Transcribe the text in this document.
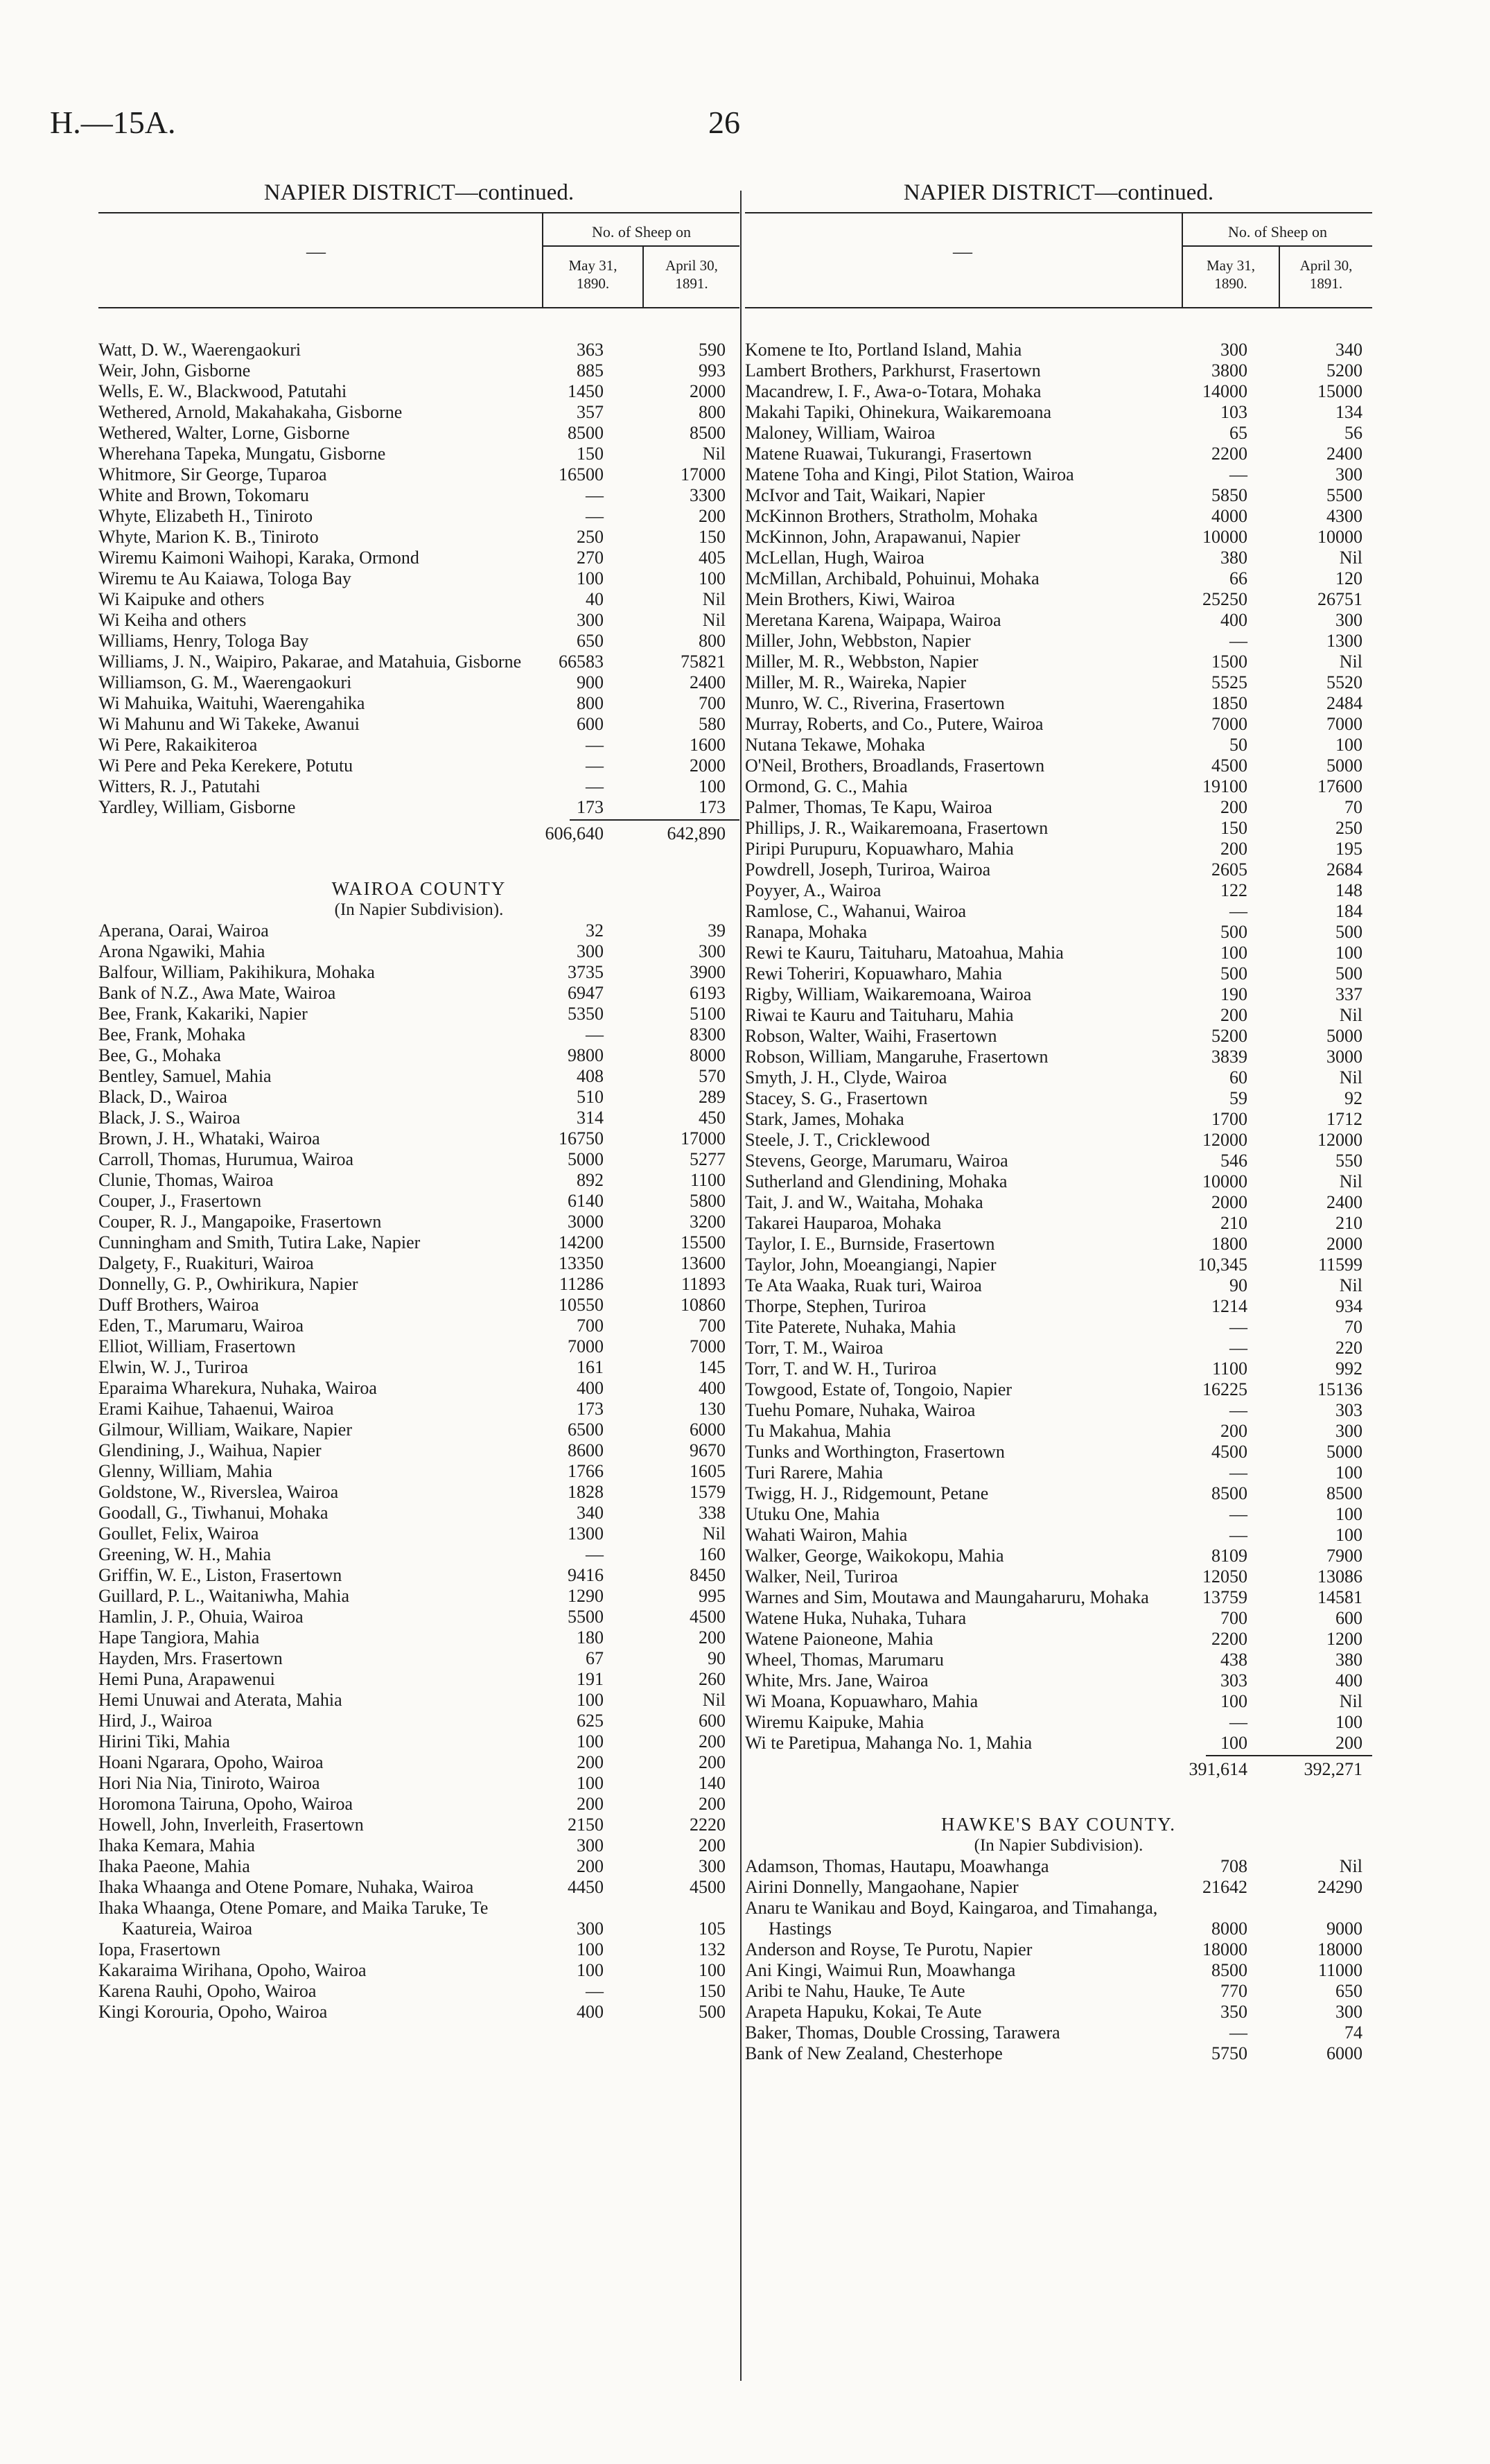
H.—15A.	26
NAPIER DISTRICT—continued.
—
No. of Sheep on
May 31,
1890.
April 30,
1891.
Watt, D. W., Waerengaokuri	363	590
Weir, John, Gisborne	885	993
Wells, E. W., Blackwood, Patutahi	1450	2000
Wethered, Arnold, Makahakaha, Gisborne	357	800
Wethered, Walter, Lorne, Gisborne	8500	8500
Wherehana Tapeka, Mungatu, Gisborne	150	Nil
Whitmore, Sir George, Tuparoa	16500	17000
White and Brown, Tokomaru	—	3300
Whyte, Elizabeth H., Tiniroto	—	200
Whyte, Marion K. B., Tiniroto	250	150
Wiremu Kaimoni Waihopi, Karaka, Ormond	270	405
Wiremu te Au Kaiawa, Tologa Bay	100	100
Wi Kaipuke and others	40	Nil
Wi Keiha and others	300	Nil
Williams, Henry, Tologa Bay	650	800
Williams, J. N., Waipiro, Pakarae, and Matahuia, Gisborne	66583	75821
Williamson, G. M., Waerengaokuri	900	2400
Wi Mahuika, Waituhi, Waerengahika	800	700
Wi Mahunu and Wi Takeke, Awanui	600	580
Wi Pere, Rakaikiteroa	—	1600
Wi Pere and Peka Kerekere, Potutu	—	2000
Witters, R. J., Patutahi	—	100
Yardley, William, Gisborne	173	173
606,640	642,890
WAIROA COUNTY
(In Napier Subdivision).
Aperana, Oarai, Wairoa	32	39
Arona Ngawiki, Mahia	300	300
Balfour, William, Pakihikura, Mohaka	3735	3900
Bank of N.Z., Awa Mate, Wairoa	6947	6193
Bee, Frank, Kakariki, Napier	5350	5100
Bee, Frank, Mohaka	—	8300
Bee, G., Mohaka	9800	8000
Bentley, Samuel, Mahia	408	570
Black, D., Wairoa	510	289
Black, J. S., Wairoa	314	450
Brown, J. H., Whataki, Wairoa	16750	17000
Carroll, Thomas, Hurumua, Wairoa	5000	5277
Clunie, Thomas, Wairoa	892	1100
Couper, J., Frasertown	6140	5800
Couper, R. J., Mangapoike, Frasertown	3000	3200
Cunningham and Smith, Tutira Lake, Napier	14200	15500
Dalgety, F., Ruakituri, Wairoa	13350	13600
Donnelly, G. P., Owhirikura, Napier	11286	11893
Duff Brothers, Wairoa	10550	10860
Eden, T., Marumaru, Wairoa	700	700
Elliot, William, Frasertown	7000	7000
Elwin, W. J., Turiroa	161	145
Eparaima Wharekura, Nuhaka, Wairoa	400	400
Erami Kaihue, Tahaenui, Wairoa	173	130
Gilmour, William, Waikare, Napier	6500	6000
Glendining, J., Waihua, Napier	8600	9670
Glenny, William, Mahia	1766	1605
Goldstone, W., Riverslea, Wairoa	1828	1579
Goodall, G., Tiwhanui, Mohaka	340	338
Goullet, Felix, Wairoa	1300	Nil
Greening, W. H., Mahia	—	160
Griffin, W. E., Liston, Frasertown	9416	8450
Guillard, P. L., Waitaniwha, Mahia	1290	995
Hamlin, J. P., Ohuia, Wairoa	5500	4500
Hape Tangiora, Mahia	180	200
Hayden, Mrs. Frasertown	67	90
Hemi Puna, Arapawenui	191	260
Hemi Unuwai and Aterata, Mahia	100	Nil
Hird, J., Wairoa	625	600
Hirini Tiki, Mahia	100	200
Hoani Ngarara, Opoho, Wairoa	200	200
Hori Nia Nia, Tiniroto, Wairoa	100	140
Horomona Tairuna, Opoho, Wairoa	200	200
Howell, John, Inverleith, Frasertown	2150	2220
Ihaka Kemara, Mahia	300	200
Ihaka Paeone, Mahia	200	300
Ihaka Whaanga and Otene Pomare, Nuhaka, Wairoa	4450	4500
Ihaka Whaanga, Otene Pomare, and Maika Taruke, Te Kaatureia, Wairoa	300	105
Iopa, Frasertown	100	132
Kakaraima Wirihana, Opoho, Wairoa	100	100
Karena Rauhi, Opoho, Wairoa	—	150
Kingi Korouria, Opoho, Wairoa	400	500
NAPIER DISTRICT—continued.
—
No. of Sheep on
May 31,
1890.
April 30,
1891.
Komene te Ito, Portland Island, Mahia	300	340
Lambert Brothers, Parkhurst, Frasertown	3800	5200
Macandrew, I. F., Awa-o-Totara, Mohaka	14000	15000
Makahi Tapiki, Ohinekura, Waikaremoana	103	134
Maloney, William, Wairoa	65	56
Matene Ruawai, Tukurangi, Frasertown	2200	2400
Matene Toha and Kingi, Pilot Station, Wairoa	—	300
McIvor and Tait, Waikari, Napier	5850	5500
McKinnon Brothers, Stratholm, Mohaka	4000	4300
McKinnon, John, Arapawanui, Napier	10000	10000
McLellan, Hugh, Wairoa	380	Nil
McMillan, Archibald, Pohuinui, Mohaka	66	120
Mein Brothers, Kiwi, Wairoa	25250	26751
Meretana Karena, Waipapa, Wairoa	400	300
Miller, John, Webbston, Napier	—	1300
Miller, M. R., Webbston, Napier	1500	Nil
Miller, M. R., Waireka, Napier	5525	5520
Munro, W. C., Riverina, Frasertown	1850	2484
Murray, Roberts, and Co., Putere, Wairoa	7000	7000
Nutana Tekawe, Mohaka	50	100
O'Neil, Brothers, Broadlands, Frasertown	4500	5000
Ormond, G. C., Mahia	19100	17600
Palmer, Thomas, Te Kapu, Wairoa	200	70
Phillips, J. R., Waikaremoana, Frasertown	150	250
Piripi Purupuru, Kopuawharo, Mahia	200	195
Powdrell, Joseph, Turiroa, Wairoa	2605	2684
Poyyer, A., Wairoa	122	148
Ramlose, C., Wahanui, Wairoa	—	184
Ranapa, Mohaka	500	500
Rewi te Kauru, Taituharu, Matoahua, Mahia	100	100
Rewi Toheriri, Kopuawharo, Mahia	500	500
Rigby, William, Waikaremoana, Wairoa	190	337
Riwai te Kauru and Taituharu, Mahia	200	Nil
Robson, Walter, Waihi, Frasertown	5200	5000
Robson, William, Mangaruhe, Frasertown	3839	3000
Smyth, J. H., Clyde, Wairoa	60	Nil
Stacey, S. G., Frasertown	59	92
Stark, James, Mohaka	1700	1712
Steele, J. T., Cricklewood	12000	12000
Stevens, George, Marumaru, Wairoa	546	550
Sutherland and Glendining, Mohaka	10000	Nil
Tait, J. and W., Waitaha, Mohaka	2000	2400
Takarei Hauparoa, Mohaka	210	210
Taylor, I. E., Burnside, Frasertown	1800	2000
Taylor, John, Moeangiangi, Napier	10,345	11599
Te Ata Waaka, Ruak turi, Wairoa	90	Nil
Thorpe, Stephen, Turiroa	1214	934
Tite Paterete, Nuhaka, Mahia	—	70
Torr, T. M., Wairoa	—	220
Torr, T. and W. H., Turiroa	1100	992
Towgood, Estate of, Tongoio, Napier	16225	15136
Tuehu Pomare, Nuhaka, Wairoa	—	303
Tu Makahua, Mahia	200	300
Tunks and Worthington, Frasertown	4500	5000
Turi Rarere, Mahia	—	100
Twigg, H. J., Ridgemount, Petane	8500	8500
Utuku One, Mahia	—	100
Wahati Wairon, Mahia	—	100
Walker, George, Waikokopu, Mahia	8109	7900
Walker, Neil, Turiroa	12050	13086
Warnes and Sim, Moutawa and Maungaharuru, Mohaka	13759	14581
Watene Huka, Nuhaka, Tuhara	700	600
Watene Paioneone, Mahia	2200	1200
Wheel, Thomas, Marumaru	438	380
White, Mrs. Jane, Wairoa	303	400
Wi Moana, Kopuawharo, Mahia	100	Nil
Wiremu Kaipuke, Mahia	—	100
Wi te Paretipua, Mahanga No. 1, Mahia	100	200
391,614	392,271
HAWKE'S BAY COUNTY.
(In Napier Subdivision).
Adamson, Thomas, Hautapu, Moawhanga	708	Nil
Airini Donnelly, Mangaohane, Napier	21642	24290
Anaru te Wanikau and Boyd, Kaingaroa, and Timahanga, Hastings	8000	9000
Anderson and Royse, Te Purotu, Napier	18000	18000
Ani Kingi, Waimui Run, Moawhanga	8500	11000
Aribi te Nahu, Hauke, Te Aute	770	650
Arapeta Hapuku, Kokai, Te Aute	350	300
Baker, Thomas, Double Crossing, Tarawera	—	74
Bank of New Zealand, Chesterhope	5750	6000
